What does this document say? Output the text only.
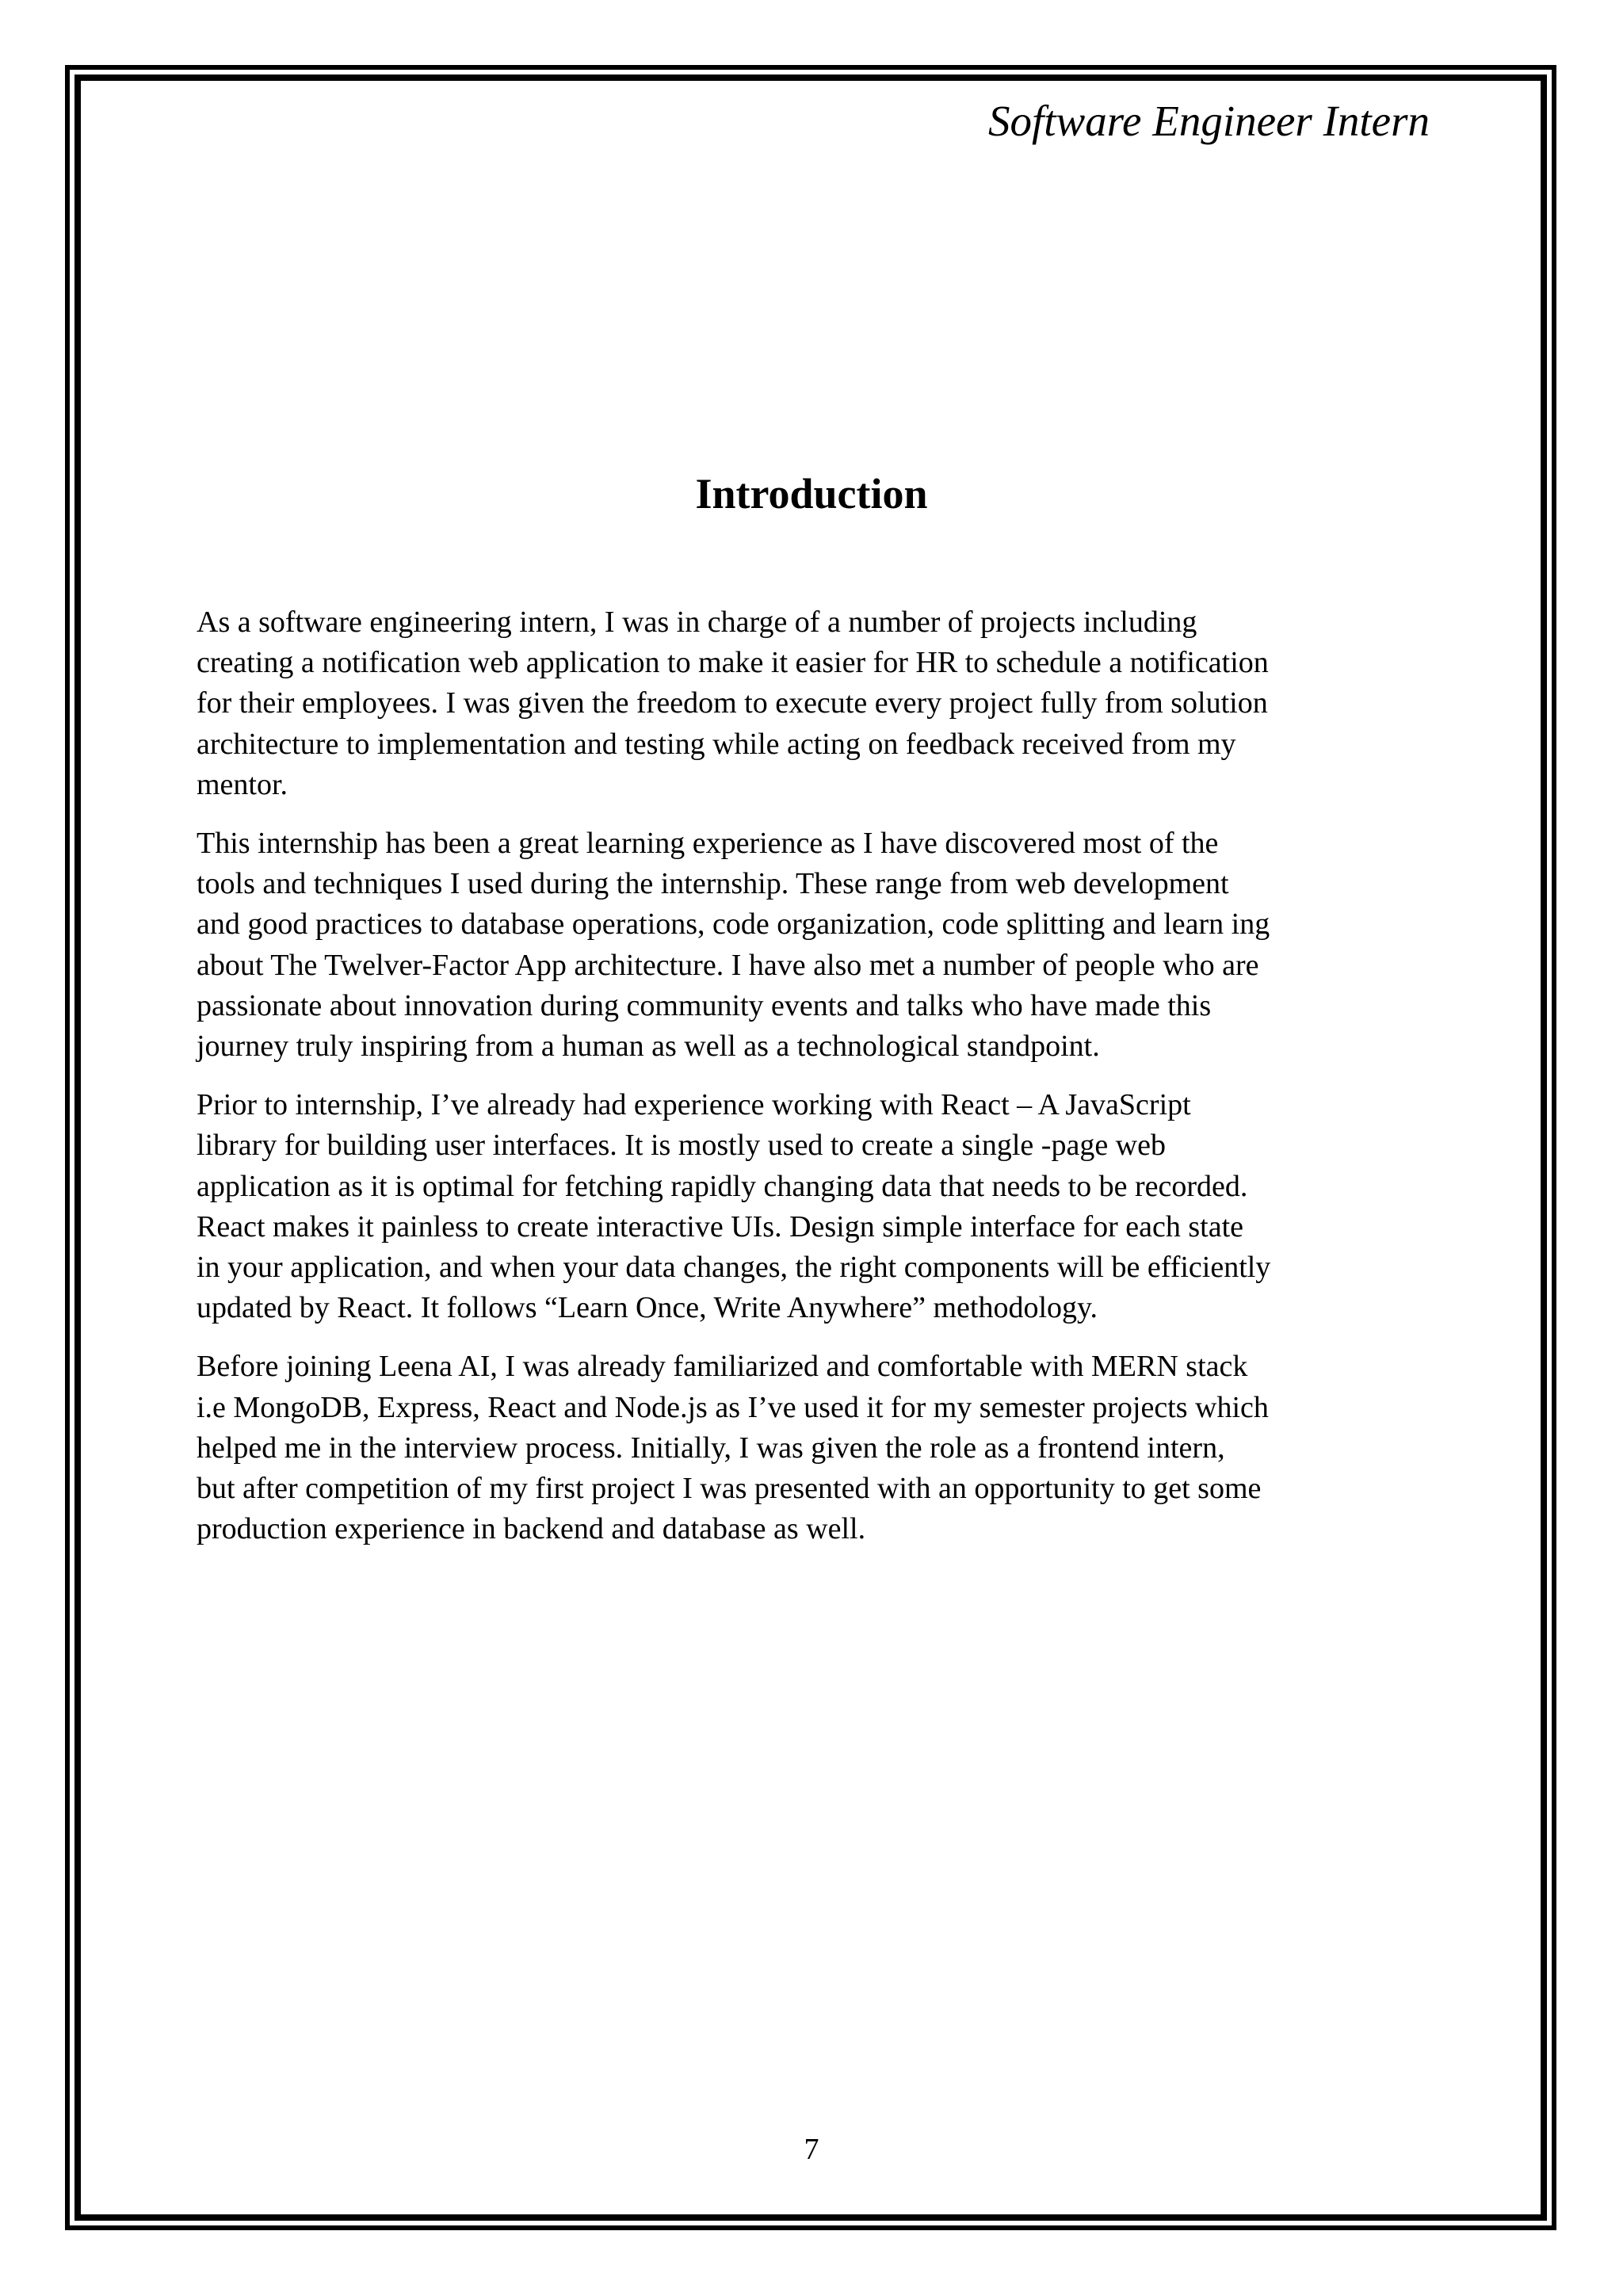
Software Engineer Intern
Introduction

As a software engineering intern, I was in charge of a number of projects including
creating a notification web application to make it easier for HR to schedule a notification
for their employees. I was given the freedom to execute every project fully from solution
architecture to implementation and testing while acting on feedback received from my
mentor.

This internship has been a great learning experience as I have discovered most of the
tools and techniques I used during the internship. These range from web development
and good practices to database operations, code organization, code splitting and learn ing
about The Twelver-Factor App architecture. I have also met a number of people who are
passionate about innovation during community events and talks who have made this
journey truly inspiring from a human as well as a technological standpoint.

Prior to internship, I’ve already had experience working with React – A JavaScript
library for building user interfaces. It is mostly used to create a single -page web
application as it is optimal for fetching rapidly changing data that needs to be recorded.
React makes it painless to create interactive UIs. Design simple interface for each state
in your application, and when your data changes, the right components will be efficiently
updated by React. It follows “Learn Once, Write Anywhere” methodology.

Before joining Leena AI, I was already familiarized and comfortable with MERN stack
i.e MongoDB, Express, React and Node.js as I’ve used it for my semester projects which
helped me in the interview process. Initially, I was given the role as a frontend intern,
but after competition of my first project I was presented with an opportunity to get some
production experience in backend and database as well.

7
